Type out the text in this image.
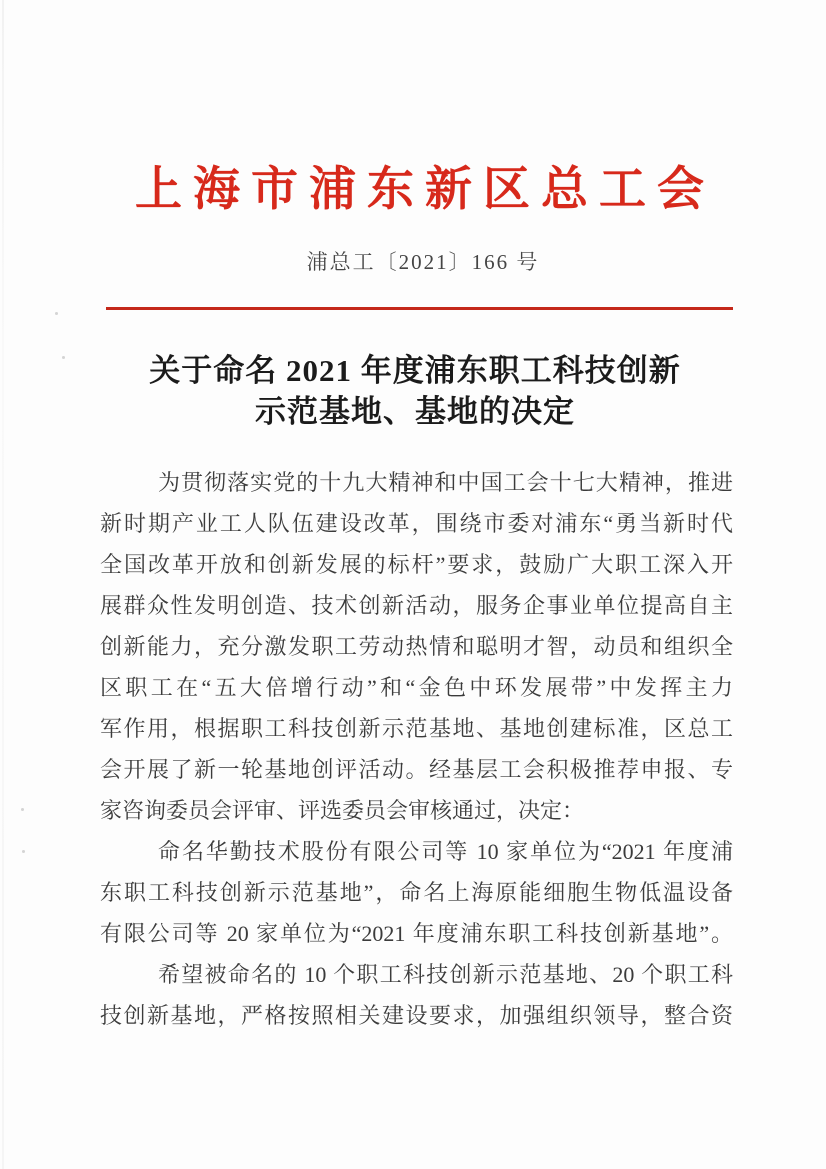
上海市浦东新区总工会
浦总工〔2021〕166 号
关于命名 2021 年度浦东职工科技创新
示范基地、基地的决定
为贯彻落实党的十九大精神和中国工会十七大精神，推进
新时期产业工人队伍建设改革，围绕市委对浦东“勇当新时代
全国改革开放和创新发展的标杆”要求，鼓励广大职工深入开
展群众性发明创造、技术创新活动，服务企事业单位提高自主
创新能力，充分激发职工劳动热情和聪明才智，动员和组织全
区职工在“五大倍增行动”和“金色中环发展带”中发挥主力
军作用，根据职工科技创新示范基地、基地创建标准，区总工
会开展了新一轮基地创评活动。经基层工会积极推荐申报、专
家咨询委员会评审、评选委员会审核通过，决定：
命名华勤技术股份有限公司等 10 家单位为“2021 年度浦
东职工科技创新示范基地”，命名上海原能细胞生物低温设备
有限公司等 20 家单位为“2021 年度浦东职工科技创新基地”。
希望被命名的 10 个职工科技创新示范基地、20 个职工科
技创新基地，严格按照相关建设要求，加强组织领导，整合资
